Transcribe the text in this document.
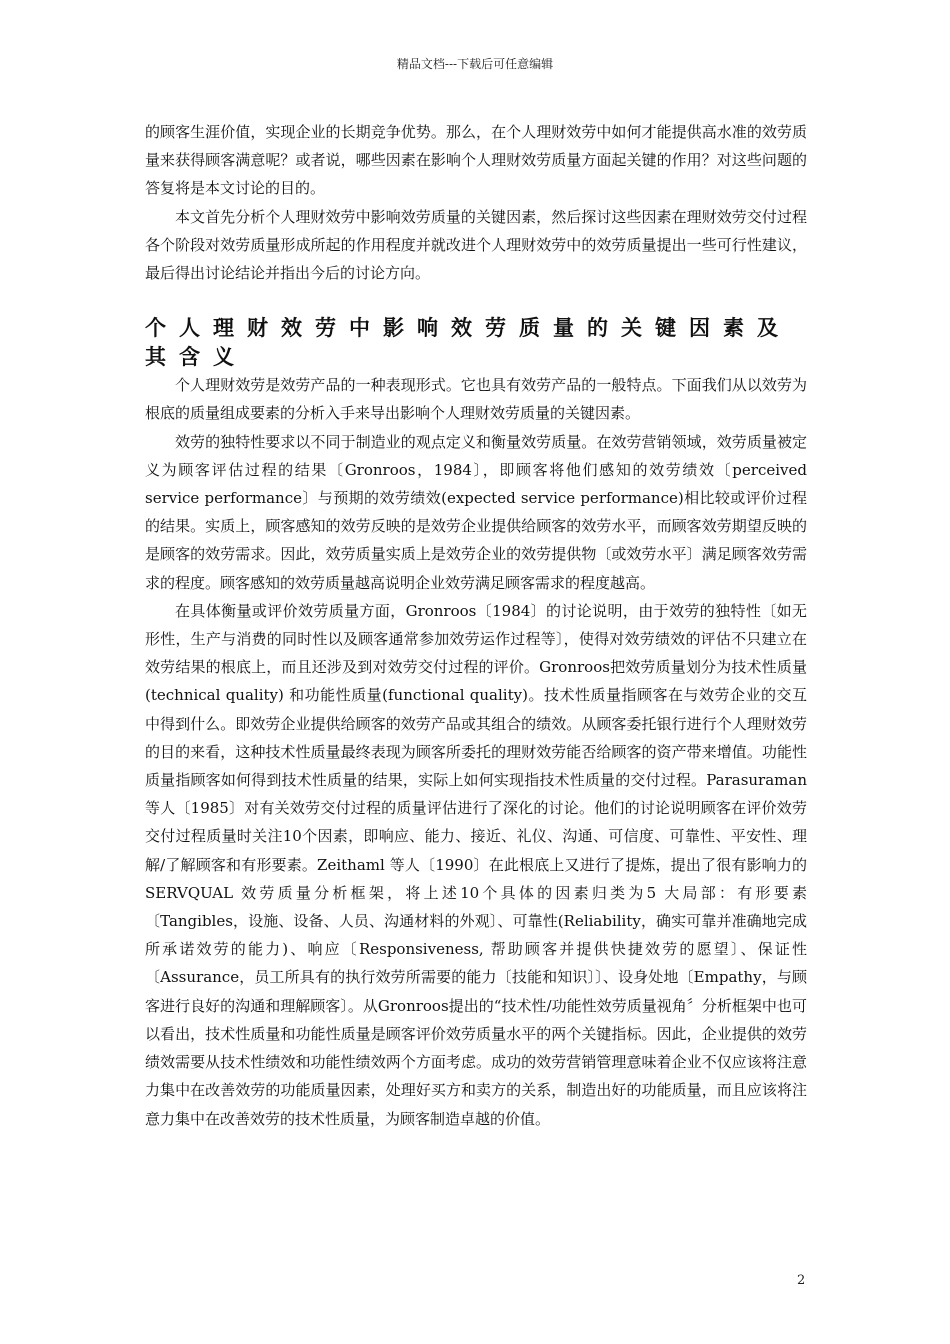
精品文档---下载后可任意编辑

的顾客生涯价值，实现企业的长期竞争优势。那么，在个人理财效劳中如何才能提供高水准的效劳质量来获得顾客满意呢？或者说，哪些因素在影响个人理财效劳质量方面起关键的作用？对这些问题的答复将是本文讨论的目的。

本文首先分析个人理财效劳中影响效劳质量的关键因素，然后探讨这些因素在理财效劳交付过程各个阶段对效劳质量形成所起的作用程度并就改进个人理财效劳中的效劳质量提出一些可行性建议，最后得出讨论结论并指出今后的讨论方向。

个人理财效劳中影响效劳质量的关键因素及其含义

个人理财效劳是效劳产品的一种表现形式。它也具有效劳产品的一般特点。下面我们从以效劳为根底的质量组成要素的分析入手来导出影响个人理财效劳质量的关键因素。

效劳的独特性要求以不同于制造业的观点定义和衡量效劳质量。在效劳营销领域，效劳质量被定义为顾客评估过程的结果〔Gronroos，1984〕，即顾客将他们感知的效劳绩效〔perceived service performance〕与预期的效劳绩效(expected service performance)相比较或评价过程的结果。实质上，顾客感知的效劳反映的是效劳企业提供给顾客的效劳水平，而顾客效劳期望反映的是顾客的效劳需求。因此，效劳质量实质上是效劳企业的效劳提供物〔或效劳水平〕满足顾客效劳需求的程度。顾客感知的效劳质量越高说明企业效劳满足顾客需求的程度越高。

在具体衡量或评价效劳质量方面，Gronroos〔1984〕的讨论说明，由于效劳的独特性〔如无形性，生产与消费的同时性以及顾客通常参加效劳运作过程等〕，使得对效劳绩效的评估不只建立在效劳结果的根底上，而且还涉及到对效劳交付过程的评价。Gronroos把效劳质量划分为技术性质量(technical quality) 和功能性质量(functional quality)。技术性质量指顾客在与效劳企业的交互中得到什么。即效劳企业提供给顾客的效劳产品或其组合的绩效。从顾客委托银行进行个人理财效劳的目的来看，这种技术性质量最终表现为顾客所委托的理财效劳能否给顾客的资产带来增值。功能性质量指顾客如何得到技术性质量的结果，实际上如何实现指技术性质量的交付过程。Parasuraman 等人〔1985〕对有关效劳交付过程的质量评估进行了深化的讨论。他们的讨论说明顾客在评价效劳交付过程质量时关注10个因素，即响应、能力、接近、礼仪、沟通、可信度、可靠性、平安性、理解/了解顾客和有形要素。Zeithaml 等人〔1990〕在此根底上又进行了提炼，提出了很有影响力的SERVQUAL 效劳质量分析框架，将上述10个具体的因素归类为5 大局部：有形要素〔Tangibles，设施、设备、人员、沟通材料的外观〕、可靠性(Reliability，确实可靠并准确地完成所承诺效劳的能力)、响应〔Responsiveness, 帮助顾客并提供快捷效劳的愿望〕、保证性〔Assurance，员工所具有的执行效劳所需要的能力〔技能和知识〕〕、设身处地〔Empathy，与顾客进行良好的沟通和理解顾客〕。从Gronroos提出的“技术性/功能性效劳质量视角〞分析框架中也可以看出，技术性质量和功能性质量是顾客评价效劳质量水平的两个关键指标。因此，企业提供的效劳绩效需要从技术性绩效和功能性绩效两个方面考虑。成功的效劳营销管理意味着企业不仅应该将注意力集中在改善效劳的功能质量因素，处理好买方和卖方的关系，制造出好的功能质量，而且应该将注意力集中在改善效劳的技术性质量，为顾客制造卓越的价值。

2
